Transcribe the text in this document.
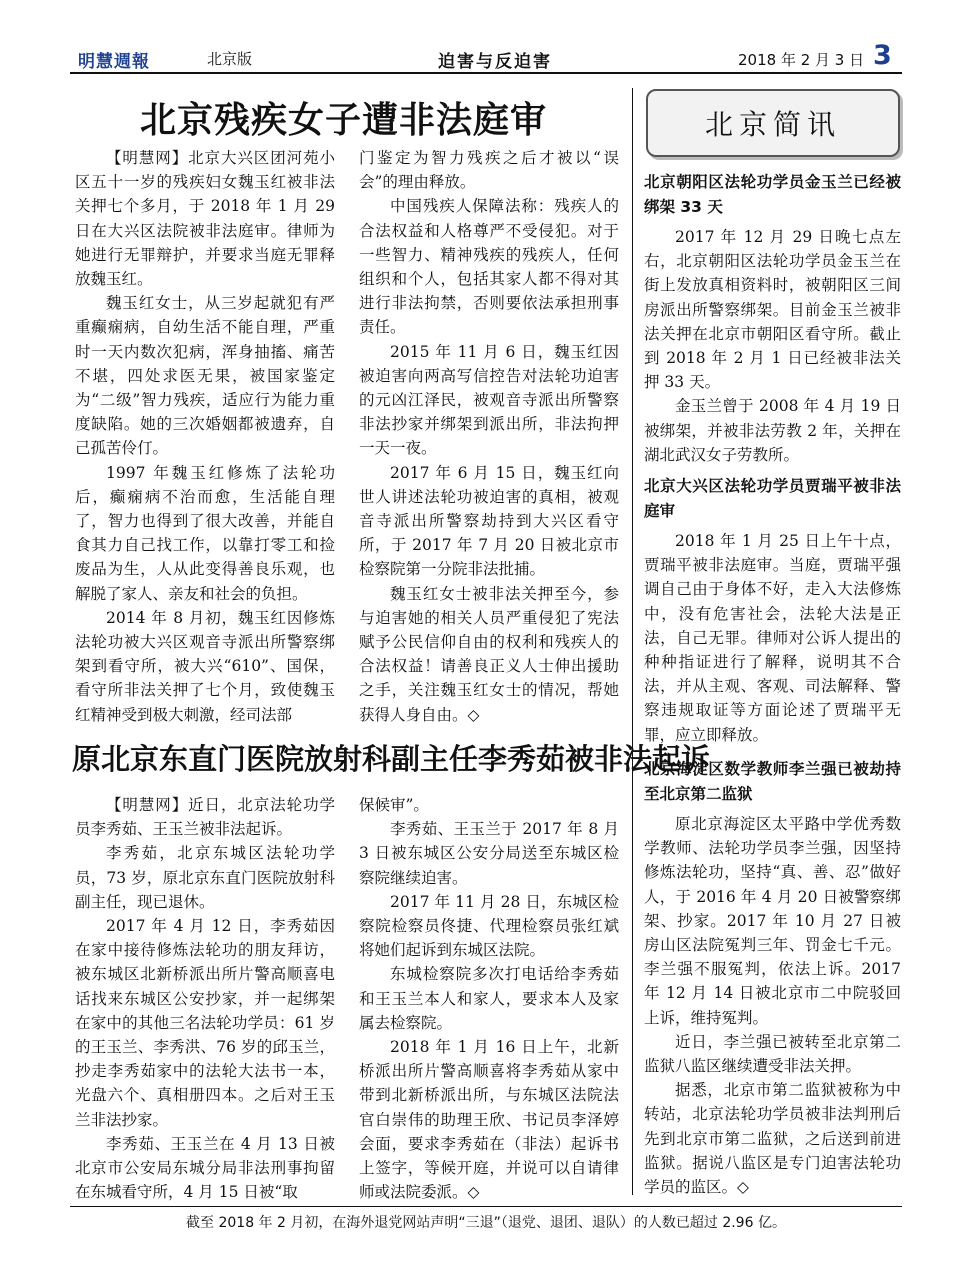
明慧週報	北京版	迫害与反迫害	2018 年 2 月 3 日 3
北京残疾女子遭非法庭审

【明慧网】北京大兴区团河苑小区五十一岁的残疾妇女魏玉红被非法关押七个多月，于 2018 年 1 月 29 日在大兴区法院被非法庭审。律师为她进行无罪辩护，并要求当庭无罪释放魏玉红。

魏玉红女士，从三岁起就犯有严重癫痫病，自幼生活不能自理，严重时一天内数次犯病，浑身抽搐、痛苦不堪，四处求医无果，被国家鉴定为“二级”智力残疾，适应行为能力重度缺陷。她的三次婚姻都被遗弃，自己孤苦伶仃。

1997 年魏玉红修炼了法轮功后，癫痫病不治而愈，生活能自理了，智力也得到了很大改善，并能自食其力自己找工作，以靠打零工和捡废品为生，人从此变得善良乐观，也解脱了家人、亲友和社会的负担。

2014 年 8 月初，魏玉红因修炼法轮功被大兴区观音寺派出所警察绑架到看守所，被大兴“610”、国保，看守所非法关押了七个月，致使魏玉红精神受到极大刺激，经司法部

门鉴定为智力残疾之后才被以“误会”的理由释放。

中国残疾人保障法称：残疾人的合法权益和人格尊严不受侵犯。对于一些智力、精神残疾的残疾人，任何组织和个人，包括其家人都不得对其进行非法拘禁，否则要依法承担刑事责任。

2015 年 11 月 6 日，魏玉红因被迫害向两高写信控告对法轮功迫害的元凶江泽民，被观音寺派出所警察非法抄家并绑架到派出所，非法拘押一天一夜。

2017 年 6 月 15 日，魏玉红向世人讲述法轮功被迫害的真相，被观音寺派出所警察劫持到大兴区看守所，于 2017 年 7 月 20 日被北京市检察院第一分院非法批捕。

魏玉红女士被非法关押至今，参与迫害她的相关人员严重侵犯了宪法赋予公民信仰自由的权利和残疾人的合法权益！请善良正义人士伸出援助之手，关注魏玉红女士的情况，帮她获得人身自由。◇

原北京东直门医院放射科副主任李秀茹被非法起诉

【明慧网】近日，北京法轮功学员李秀茹、王玉兰被非法起诉。

李秀茹，北京东城区法轮功学员，73 岁，原北京东直门医院放射科副主任，现已退休。

2017 年 4 月 12 日，李秀茹因在家中接待修炼法轮功的朋友拜访，被东城区北新桥派出所片警高顺喜电话找来东城区公安抄家，并一起绑架在家中的其他三名法轮功学员：61 岁的王玉兰、李秀洪、76 岁的邱玉兰，抄走李秀茹家中的法轮大法书一本，光盘六个、真相册四本。之后对王玉兰非法抄家。

李秀茹、王玉兰在 4 月 13 日被北京市公安局东城分局非法刑事拘留在东城看守所，4 月 15 日被“取

保候审”。

李秀茹、王玉兰于 2017 年 8 月 3 日被东城区公安分局送至东城区检察院继续迫害。

2017 年 11 月 28 日，东城区检察院检察员佟捷、代理检察员张红斌将她们起诉到东城区法院。

东城检察院多次打电话给李秀茹和王玉兰本人和家人，要求本人及家属去检察院。

2018 年 1 月 16 日上午，北新桥派出所片警高顺喜将李秀茹从家中带到北新桥派出所，与东城区法院法官白崇伟的助理王欣、书记员李泽婷会面，要求李秀茹在（非法）起诉书上签字，等候开庭，并说可以自请律师或法院委派。◇

北京简讯
北京朝阳区法轮功学员金玉兰已经被绑架 33 天

2017 年 12 月 29 日晚七点左右，北京朝阳区法轮功学员金玉兰在街上发放真相资料时，被朝阳区三间房派出所警察绑架。目前金玉兰被非法关押在北京市朝阳区看守所。截止到 2018 年 2 月 1 日已经被非法关押 33 天。

金玉兰曾于 2008 年 4 月 19 日被绑架，并被非法劳教 2 年，关押在湖北武汉女子劳教所。

北京大兴区法轮功学员贾瑞平被非法庭审

2018 年 1 月 25 日上午十点，贾瑞平被非法庭审。当庭，贾瑞平强调自己由于身体不好，走入大法修炼中，没有危害社会，法轮大法是正法，自己无罪。律师对公诉人提出的种种指证进行了解释，说明其不合法，并从主观、客观、司法解释、警察违规取证等方面论述了贾瑞平无罪，应立即释放。

北京海淀区数学教师李兰强已被劫持至北京第二监狱

原北京海淀区太平路中学优秀数学教师、法轮功学员李兰强，因坚持修炼法轮功，坚持“真、善、忍”做好人，于 2016 年 4 月 20 日被警察绑架、抄家。2017 年 10 月 27 日被房山区法院冤判三年、罚金七千元。李兰强不服冤判，依法上诉。2017 年 12 月 14 日被北京市二中院驳回上诉，维持冤判。

近日，李兰强已被转至北京第二监狱八监区继续遭受非法关押。

据悉，北京市第二监狱被称为中转站，北京法轮功学员被非法判刑后先到北京市第二监狱，之后送到前进监狱。据说八监区是专门迫害法轮功学员的监区。◇

截至 2018 年 2 月初，在海外退党网站声明“三退”（退党、退团、退队）的人数已超过 2.96 亿。
